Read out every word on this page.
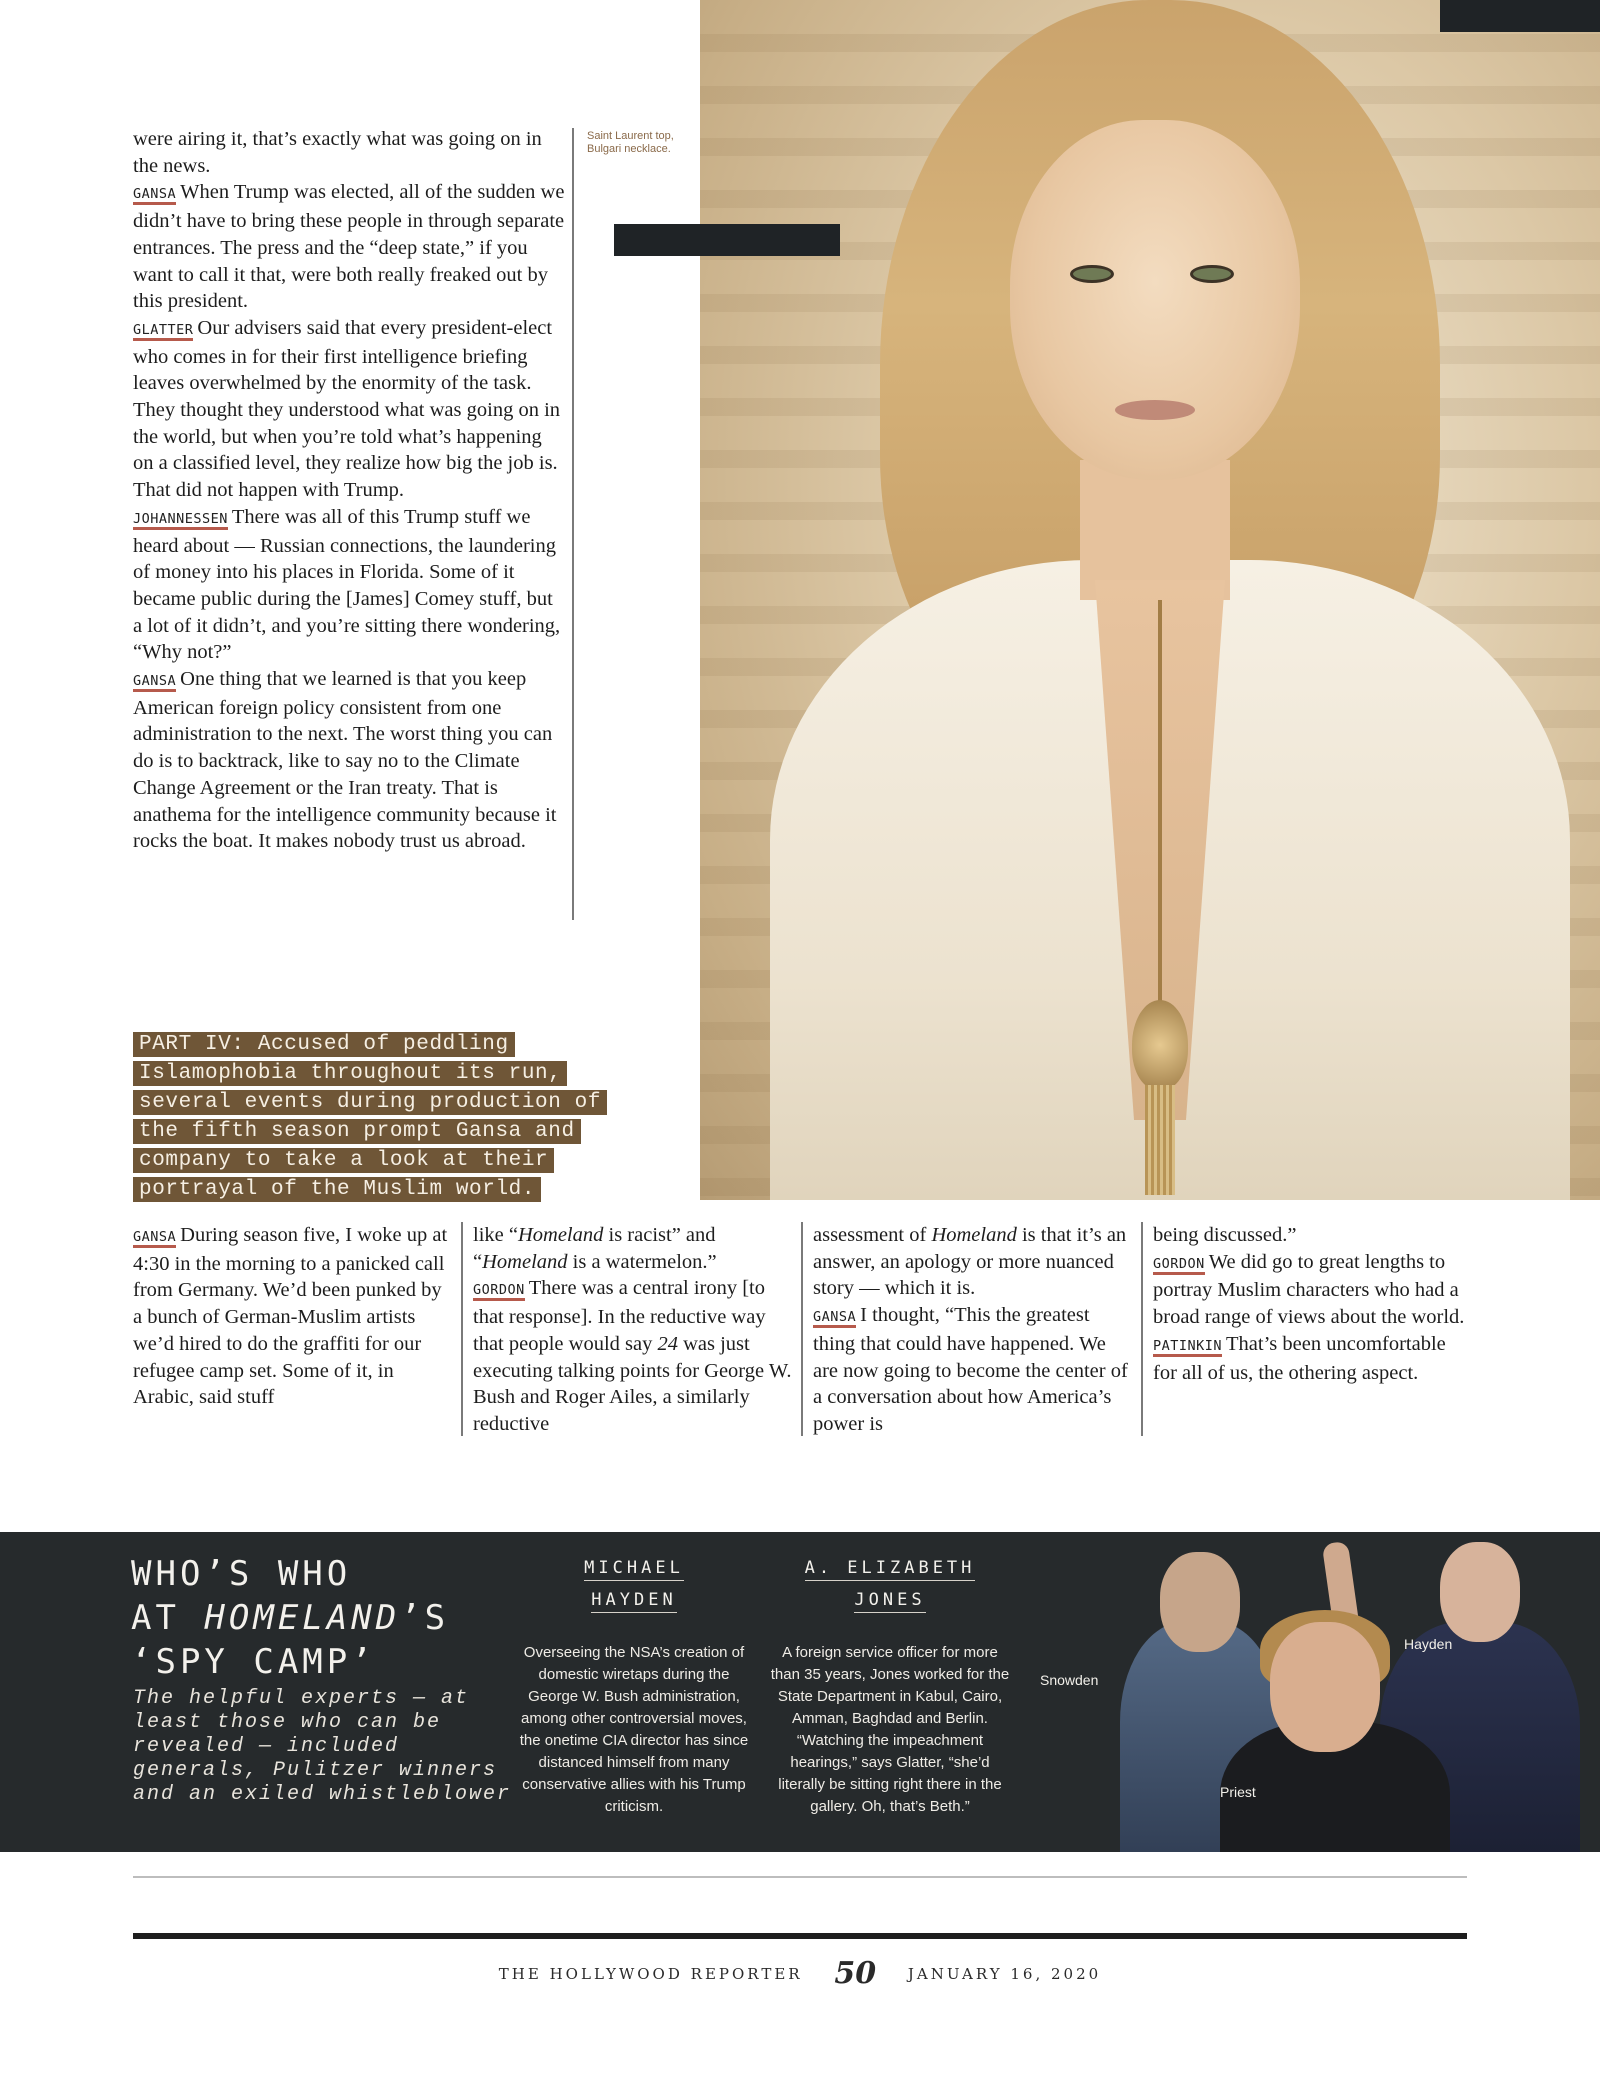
Saint Laurent top, Bulgari necklace.

were airing it, that’s exactly what was going on in the news.

GANSA When Trump was elected, all of the sudden we didn’t have to bring these people in through separate entrances. The press and the “deep state,” if you want to call it that, were both really freaked out by this president.

GLATTER Our advisers said that every president-elect who comes in for their first intelligence briefing leaves overwhelmed by the enormity of the task. They thought they understood what was going on in the world, but when you’re told what’s happening on a classified level, they realize how big the job is. That did not happen with Trump.

JOHANNESSEN There was all of this Trump stuff we heard about — Russian connections, the laundering of money into his places in Florida. Some of it became public during the [James] Comey stuff, but a lot of it didn’t, and you’re sitting there wondering, “Why not?”

GANSA One thing that we learned is that you keep American foreign policy consistent from one administration to the next. The worst thing you can do is to backtrack, like to say no to the Climate Change Agreement or the Iran treaty. That is anathema for the intelligence community because it rocks the boat. It makes nobody trust us abroad.

PART IV: Accused of peddling Islamophobia throughout its run, several events during production of the fifth season prompt Gansa and company to take a look at their portrayal of the Muslim world.
GANSA During season five, I woke up at 4:30 in the morning to a panicked call from Germany. We’d been punked by a bunch of German-Muslim artists we’d hired to do the graffiti for our refugee camp set. Some of it, in Arabic, said stuff
like “Homeland is racist” and “Homeland is a watermelon.”
GORDON There was a central irony [to that response]. In the reductive way that people would say 24 was just executing talking points for George W. Bush and Roger Ailes, a similarly reductive
assessment of Homeland is that it’s an answer, an apology or more nuanced story — which it is.
GANSA I thought, “This the greatest thing that could have happened. We are now going to become the center of a conversation about how America’s power is
being discussed.”
GORDON We did go to great lengths to portray Muslim characters who had a broad range of views about the world.
PATINKIN That’s been uncomfortable for all of us, the othering aspect.
WHO’S WHO
AT HOMELAND’S
‘SPY CAMP’
The helpful experts — at least those who can be revealed — included generals, Pulitzer winners and an exiled whistleblower
MICHAEL
HAYDEN
Overseeing the NSA’s creation of domestic wiretaps during the George W. Bush administration, among other controversial moves, the onetime CIA director has since distanced himself from many conservative allies with his Trump criticism.
A. ELIZABETH
JONES
A foreign service officer for more than 35 years, Jones worked for the State Department in Kabul, Cairo, Amman, Baghdad and Berlin. “Watching the impeachment hearings,” says Glatter, “she’d literally be sitting right there in the gallery. Oh, that’s Beth.”
Snowden
Hayden
Priest
THE HOLLYWOOD REPORTER 50 JANUARY 16, 2020
